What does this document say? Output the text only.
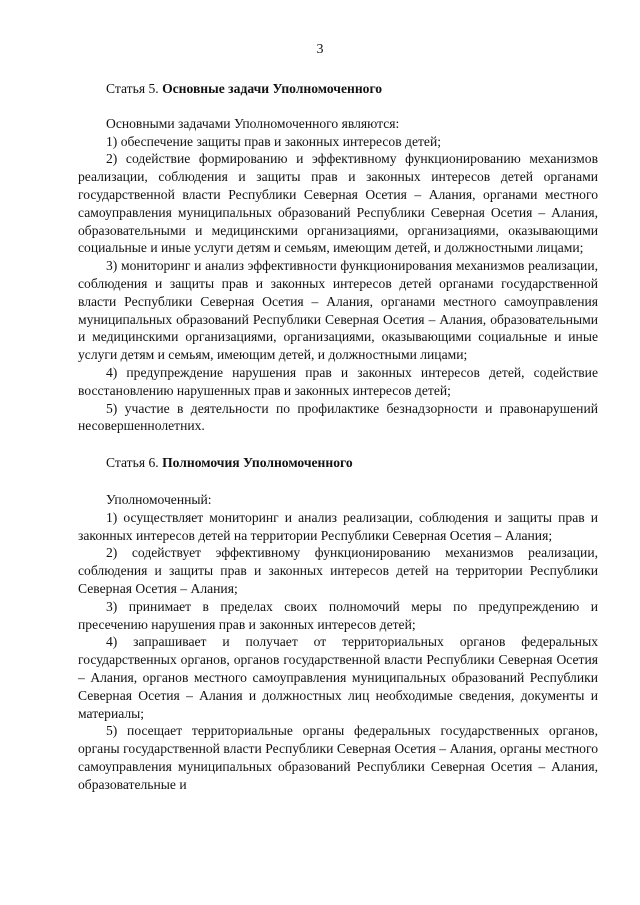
3
Статья 5. Основные задачи Уполномоченного

Основными задачами Уполномоченного являются:

1) обеспечение защиты прав и законных интересов детей;

2) содействие формированию и эффективному функционированию механизмов реализации, соблюдения и защиты прав и законных интересов детей органами государственной власти Республики Северная Осетия – Алания, органами местного самоуправления муниципальных образований Республики Северная Осетия – Алания, образовательными и медицинскими организациями, организациями, оказывающими социальные и иные услуги детям и семьям, имеющим детей, и должностными лицами;

3) мониторинг и анализ эффективности функционирования механизмов реализации, соблюдения и защиты прав и законных интересов детей органами государственной власти Республики Северная Осетия – Алания, органами местного самоуправления муниципальных образований Республики Северная Осетия – Алания, образовательными и медицинскими организациями, организациями, оказывающими социальные и иные услуги детям и семьям, имеющим детей, и должностными лицами;

4) предупреждение нарушения прав и законных интересов детей, содействие восстановлению нарушенных прав и законных интересов детей;

5) участие в деятельности по профилактике безнадзорности и правонарушений несовершеннолетних.

Статья 6. Полномочия Уполномоченного

Уполномоченный:

1) осуществляет мониторинг и анализ реализации, соблюдения и защиты прав и законных интересов детей на территории Республики Северная Осетия – Алания;

2) содействует эффективному функционированию механизмов реализации, соблюдения и защиты прав и законных интересов детей на территории Республики Северная Осетия – Алания;

3) принимает в пределах своих полномочий меры по предупреждению и пресечению нарушения прав и законных интересов детей;

4) запрашивает и получает от территориальных органов федеральных государственных органов, органов государственной власти Республики Северная Осетия – Алания, органов местного самоуправления муниципальных образований Республики Северная Осетия – Алания и должностных лиц необходимые сведения, документы и материалы;

5) посещает территориальные органы федеральных государственных органов, органы государственной власти Республики Северная Осетия – Алания, органы местного самоуправления муниципальных образований Республики Северная Осетия – Алания, образовательные и
